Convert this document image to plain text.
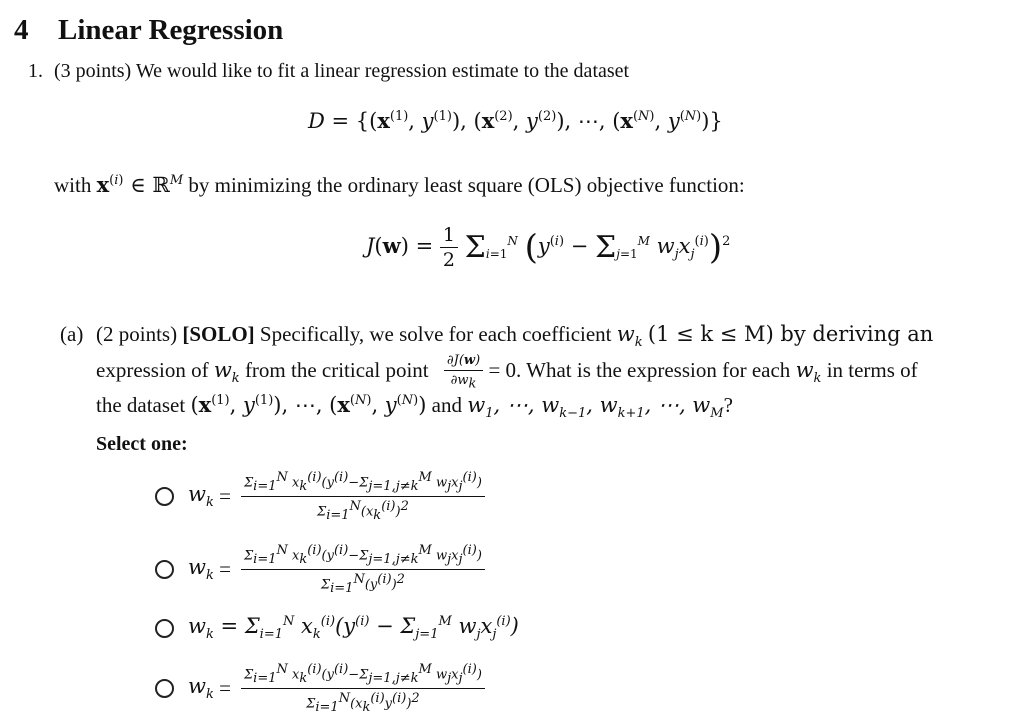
4 Linear Regression
1. (3 points) We would like to fit a linear regression estimate to the dataset
$D = \{(x^{(1)}$, $y^{(1)}$), ($x^{(2)}$, $y^{(2)}$), ⋯, ($x^{(N)}$, $y^{(N)}$)}
with $x^{(i)}$ ∈ ℝ$^M$ by minimizing the ordinary least square (OLS) objective function:
$J(w) = \frac{1}{2} \Sigma_{i=1}^N$ ($y^{(i)} - \Sigma_{j=1}^M$ $w_jx_j^{(i)})^2$
(a) (2 points) [SOLO] Specifically, we solve for each coefficient $w_k$ (1 ≤ k ≤ M) by deriving an
expression of $w_k$ from the critical point $\frac{\partial J(w)}{\partial w_k} = 0$. What is the expression for each $w_k$ in terms of
the dataset ($x^{(1)}$, $y^{(1)}$), ⋯, ($x^{(N)}$, $y^{(N)}$) and $w_1$, ⋯, $w_{k-1}$, $w_{k+1}$, ⋯, $w_M$?
Select one:
$w_k = \frac{\Sigma_{i=1}^N x_k^{(i)}(y^{(i)}-\Sigma_{j=1,j\ne k}^M w_jx_j^{(i)})}{\Sigma_{i=1}^N(x_k^{(i)})^2}$
$w_k = \frac{\Sigma_{i=1}^N x_k^{(i)}(y^{(i)}-\Sigma_{j=1,j\ne k}^M w_jx_j^{(i)})}{\Sigma_{i=1}^N(y^{(i)})^2}$
$w_k = \Sigma_{i=1}^N$ $x_k^{(i)}(y^{(i)} - \Sigma_{j=1}^M$ $w_jx_j^{(i)}$)
$w_k = \frac{\Sigma_{i=1}^N x_k^{(i)}(y^{(i)}-\Sigma_{j=1,j\ne k}^M w_jx_j^{(i)})}{\Sigma_{i=1}^N(x_k^{(i)}y^{(i)})^2}$
